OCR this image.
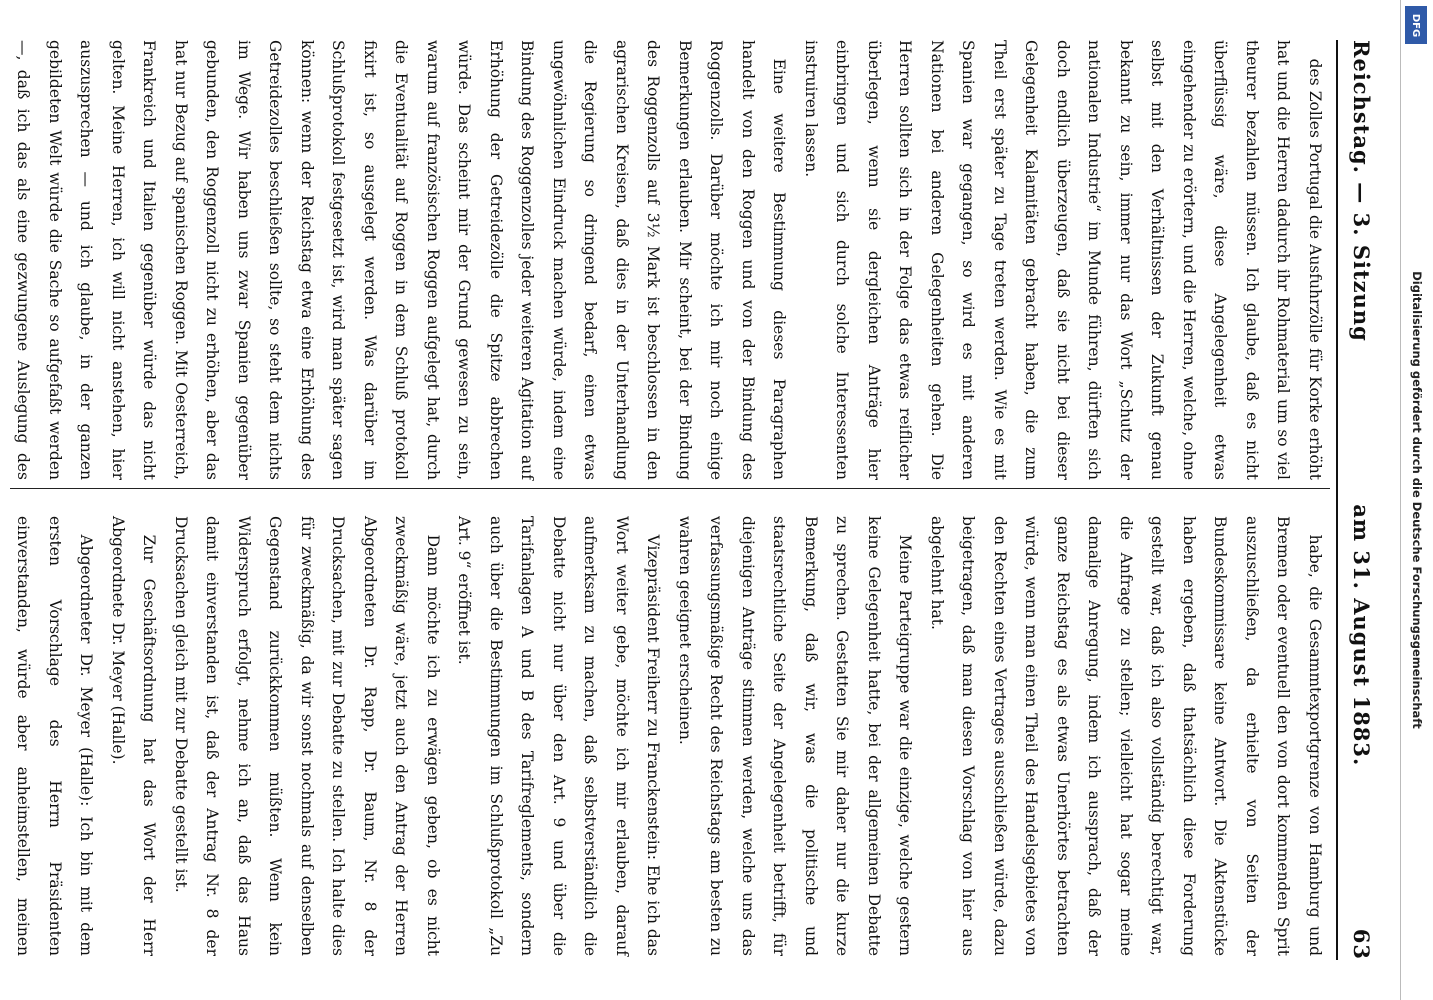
Reichstag. — 3. Sitzung
am 31. August 1883.
63

des Zolles Portugal die Ausfuhrzölle für Korke erhöht hat und die Herren dadurch ihr Rohmaterial um so viel theurer bezahlen müssen. Ich glaube, daß es nicht überflüssig wäre, diese Angelegenheit etwas eingehender zu erörtern, und die Herren, welche, ohne selbst mit den Verhältnissen der Zukunft genau bekannt zu sein, immer nur das Wort „Schutz der nationalen Industrie“ im Munde führen, dürften sich doch endlich überzeugen, daß sie nicht bei dieser Gelegenheit Kalamitäten gebracht haben, die zum Theil erst später zu Tage treten werden. Wie es mit Spanien war gegangen, so wird es mit anderen Nationen bei anderen Gelegenheiten gehen. Die Herren sollten sich in der Folge das etwas reiflicher überlegen, wenn sie dergleichen Anträge hier einbringen und sich durch solche Interessenten instruiren lassen.

Eine weitere Bestimmung dieses Paragraphen handelt von den Roggen und von der Bindung des Roggenzolls. Darüber möchte ich mir noch einige Bemerkungen erlauben. Mir scheint, bei der Bindung des Roggenzolls auf 3½ Mark ist beschlossen in den agrarischen Kreisen, daß dies in der Unterhandlung die Regierung so dringend bedarf, einen etwas ungewöhnlichen Eindruck machen würde, indem eine Bindung des Roggenzolles jeder weiteren Agitation auf Erhöhung der Getreidezölle die Spitze abbrechen würde. Das scheint mir der Grund gewesen zu sein, warum auf französischen Roggen aufgelegt hat, durch die Eventualität auf Roggen in dem Schluß protokoll fixirt ist, so ausgelegt werden. Was darüber im Schlußprotokoll festgesetzt ist, wird man später sagen können: wenn der Reichstag etwa eine Erhöhung des Getreidezolles beschließen sollte, so steht dem nichts im Wege. Wir haben uns zwar Spanien gegenüber gebunden, den Roggenzoll nicht zu erhöhen, aber das hat nur Bezug auf spanischen Roggen. Mit Oesterreich, Frankreich und Italien gegenüber würde das nicht gelten. Meine Herren, ich will nicht anstehen, hier auszusprechen — und ich glaube, in der ganzen gebildeten Welt würde die Sache so aufgefaßt werden —, daß ich das als eine gezwungene Auslegung des

habe, die Gesammtexportgrenze von Hamburg und Bremen oder eventuell den von dort kommenden Sprit auszuschließen, da erhielte von Seiten der Bundeskommissare keine Antwort. Die Aktenstücke haben ergeben, daß thatsächlich diese Forderung gestellt war, daß ich also vollständig berechtigt war, die Anfrage zu stellen; vielleicht hat sogar meine damalige Anregung, indem ich aussprach, daß der ganze Reichstag es als etwas Unerhörtes betrachten würde, wenn man einen Theil des Handelsgebietes von den Rechten eines Vertrages ausschließen würde, dazu beigetragen, daß man diesen Vorschlag von hier aus abgelehnt hat.

Meine Parteigruppe war die einzige, welche gestern keine Gelegenheit hatte, bei der allgemeinen Debatte zu sprechen. Gestatten Sie mir daher nur die kurze Bemerkung, daß wir, was die politische und staatsrechtliche Seite der Angelegenheit betrifft, für diejenigen Anträge stimmen werden, welche uns das verfassungsmäßige Recht des Reichstags am besten zu wahren geeignet erscheinen.

Vizepräsident Freiherr zu Franckenstein: Ehe ich das Wort weiter gebe, möchte ich mir erlauben, darauf aufmerksam zu machen, daß selbstverständlich die Debatte nicht nur über den Art. 9 und über die Tarifanlagen A und B des Tarifreglements, sondern auch über die Bestimmungen im Schlußprotokoll „Zu Art. 9“ eröffnet ist.

Dann möchte ich zu erwägen geben, ob es nicht zweckmäßig wäre, jetzt auch den Antrag der Herren Abgeordneten Dr. Rapp, Dr. Baum, Nr. 8 der Drucksachen, mit zur Debatte zu stellen. Ich halte dies für zweckmäßig, da wir sonst nochmals auf denselben Gegenstand zurückkommen müßten. Wenn kein Widerspruch erfolgt, nehme ich an, daß das Haus damit einverstanden ist, daß der Antrag Nr. 8 der Drucksachen gleich mit zur Debatte gestellt ist.

Zur Geschäftsordnung hat das Wort der Herr Abgeordnete Dr. Meyer (Halle).

Abgeordneter Dr. Meyer (Halle): Ich bin mit dem ersten Vorschlage des Herrn Präsidenten einverstanden, würde aber anheimstellen, meinen

DFG
Digitalisierung gefördert durch die Deutsche Forschungsgemeinschaft
